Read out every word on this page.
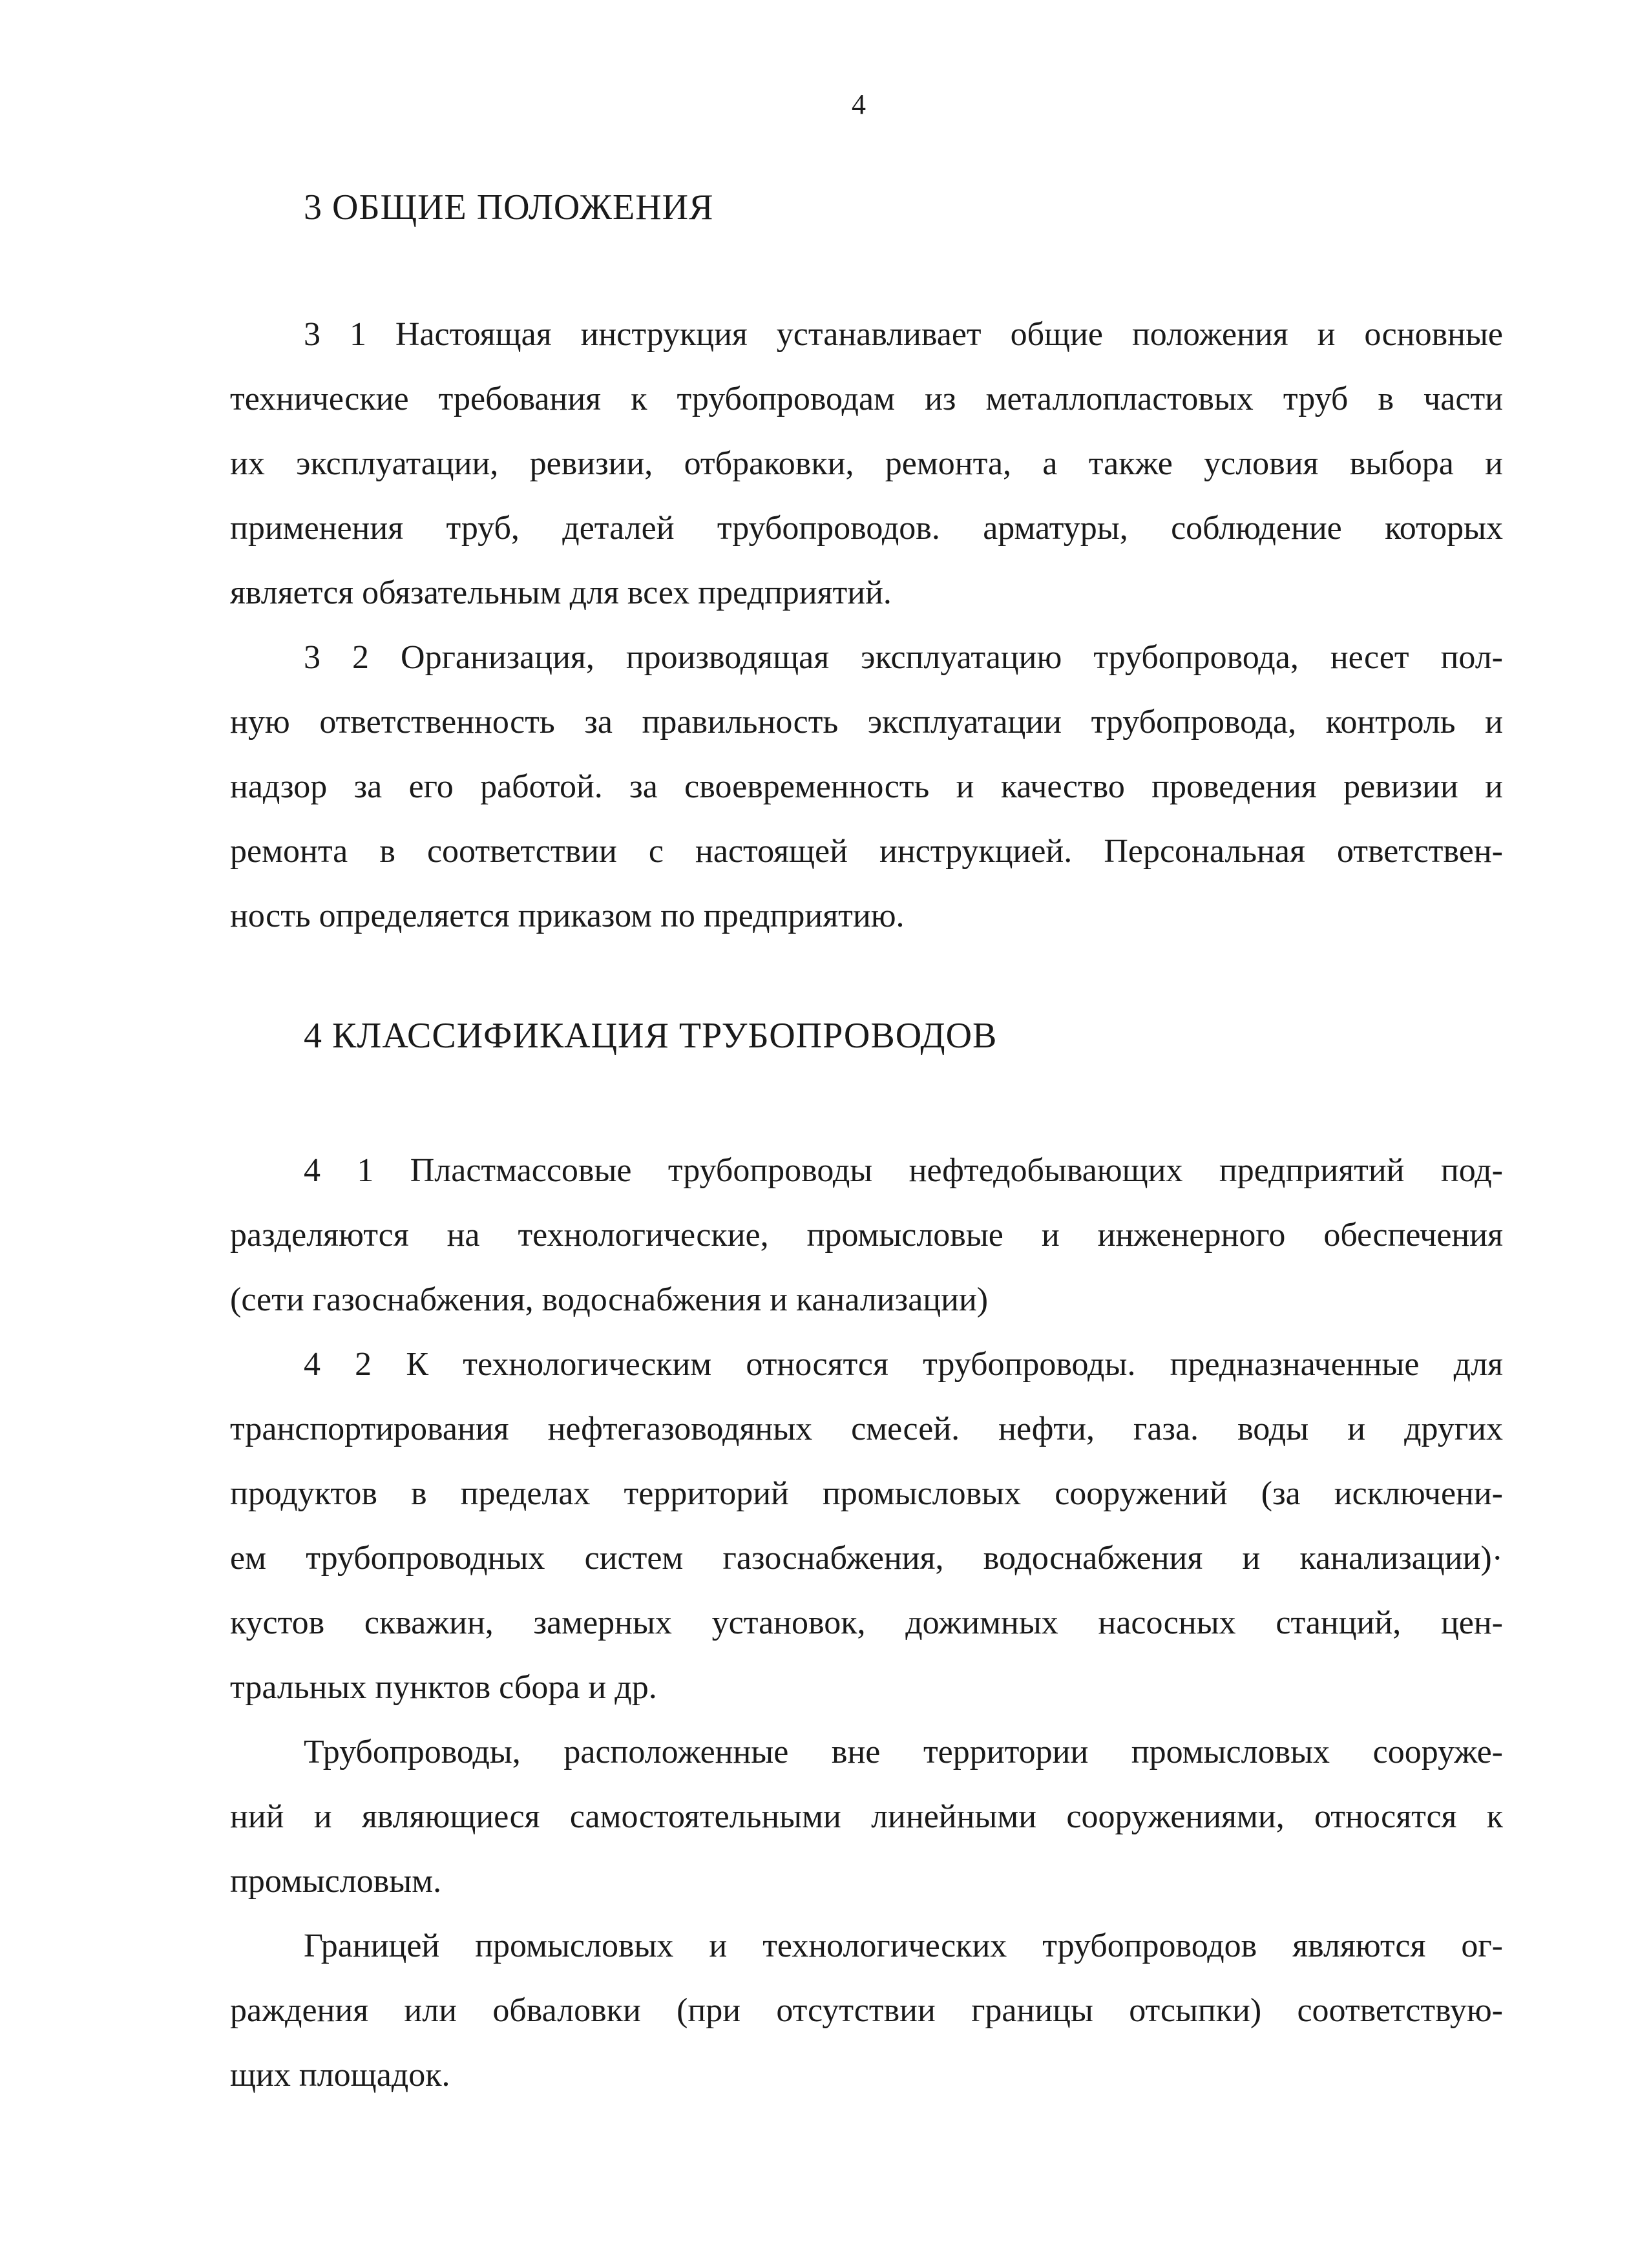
4
3 ОБЩИЕ ПОЛОЖЕНИЯ

3 1 Настоящая инструкция устанавливает общие положения и основные
технические требования к трубопроводам из металлопластовых труб в части
их эксплуатации, ревизии, отбраковки, ремонта, а также условия выбора и
применения труб, деталей трубопроводов. арматуры, соблюдение которых
является обязательным для всех предприятий.

3 2 Организация, производящая эксплуатацию трубопровода, несет пол-
ную ответственность за правильность эксплуатации трубопровода, контроль и
надзор за его работой. за своевременность и качество проведения ревизии и
ремонта в соответствии с настоящей инструкцией. Персональная ответствен-
ность определяется приказом по предприятию.

4 КЛАССИФИКАЦИЯ ТРУБОПРОВОДОВ

4 1 Пластмассовые трубопроводы нефтедобывающих предприятий под-
разделяются на технологические, промысловые и инженерного обеспечения
(сети газоснабжения, водоснабжения и канализации)

4 2 К технологическим относятся трубопроводы. предназначенные для
транспортирования нефтегазоводяных смесей. нефти, газа. воды и других
продуктов в пределах территорий промысловых сооружений (за исключени-
ем трубопроводных систем газоснабжения, водоснабжения и канализации)·
кустов скважин, замерных установок, дожимных насосных станций, цен-
тральных пунктов сбора и др.

Трубопроводы, расположенные вне территории промысловых сооруже-
ний и являющиеся самостоятельными линейными сооружениями, относятся к
промысловым.

Границей промысловых и технологических трубопроводов являются ог-
раждения или обваловки (при отсутствии границы отсыпки) соответствую-
щих площадок.
